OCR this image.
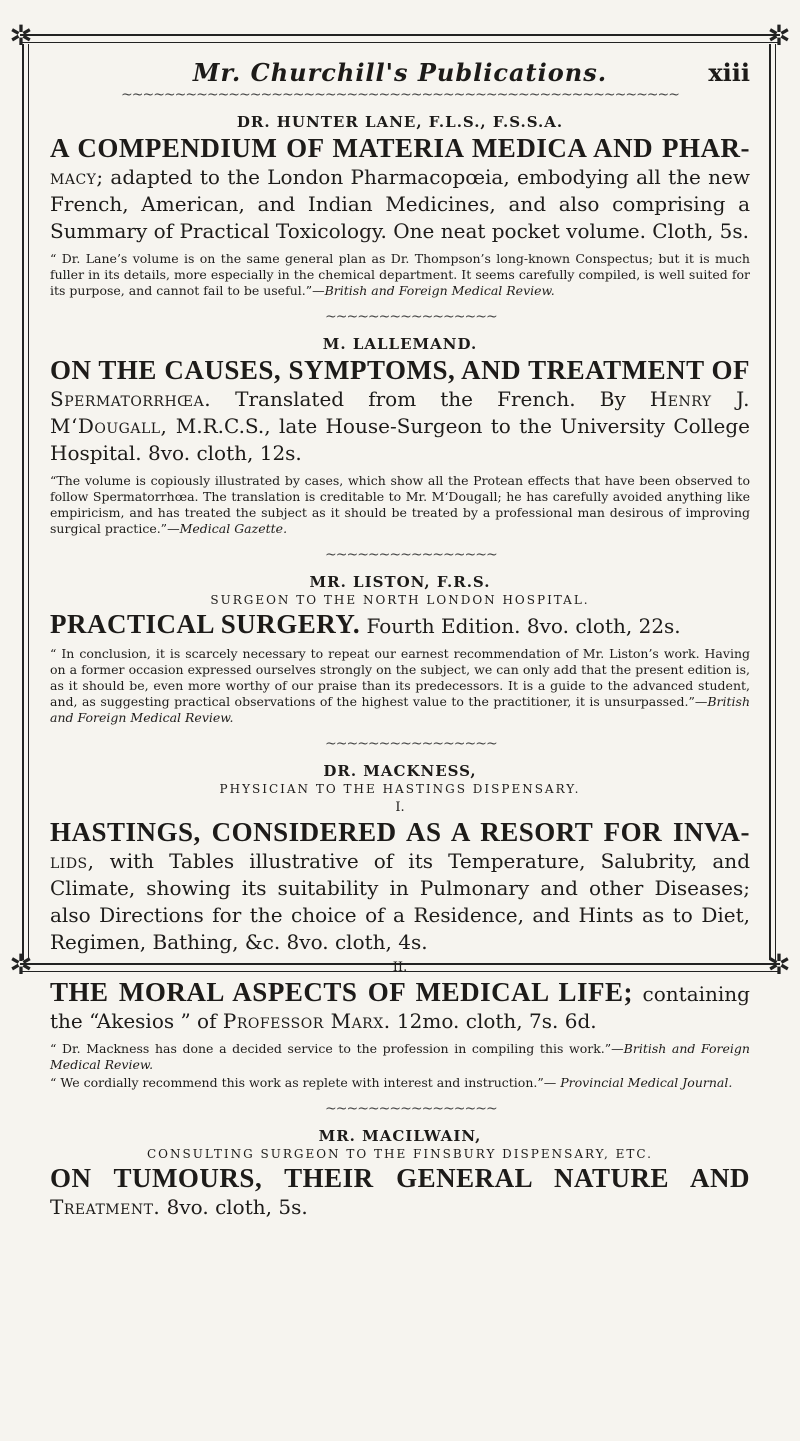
✲	✲
✲	✲
Mr. Churchill's Publications.	xiii
~~~~~~~~~~~~~~~~~~~~~~~~~~~~~~~~~~~~~~~~~~~~~~~~~~~~
DR. HUNTER LANE, F.L.S., F.S.S.A.
A COMPENDIUM OF MATERIA MEDICA AND PHAR- macy; adapted to the London Pharmacopœia, embodying all the new French, American, and Indian Medicines, and also comprising a Summary of Practical Toxicology. One neat pocket volume. Cloth, 5s.
“ Dr. Lane’s volume is on the same general plan as Dr. Thompson’s long-known Conspectus; but it is much fuller in its details, more especially in the chemical department. It seems carefully compiled, is well suited for its purpose, and cannot fail to be useful.”—British and Foreign Medical Review.
~~~~~~~~~~~~~~~~
M. LALLEMAND.
ON THE CAUSES, SYMPTOMS, AND TREATMENT OF Spermatorrhœa. Translated from the French. By Henry J. M‘Dougall, M.R.C.S., late House-Surgeon to the University College Hospital. 8vo. cloth, 12s.
“The volume is copiously illustrated by cases, which show all the Protean effects that have been observed to follow Spermatorrhœa. The translation is creditable to Mr. M‘Dougall; he has carefully avoided anything like empiricism, and has treated the subject as it should be treated by a professional man desirous of improving surgical practice.”—Medical Gazette.
~~~~~~~~~~~~~~~~
MR. LISTON, F.R.S.
SURGEON TO THE NORTH LONDON HOSPITAL.
PRACTICAL SURGERY. Fourth Edition. 8vo. cloth, 22s.
“ In conclusion, it is scarcely necessary to repeat our earnest recommendation of Mr. Liston’s work. Having on a former occasion expressed ourselves strongly on the subject, we can only add that the present edition is, as it should be, even more worthy of our praise than its predecessors. It is a guide to the advanced student, and, as suggesting practical observations of the highest value to the practitioner, it is unsurpassed.”—British and Foreign Medical Review.
~~~~~~~~~~~~~~~~
DR. MACKNESS,
PHYSICIAN TO THE HASTINGS DISPENSARY.
I.
HASTINGS, CONSIDERED AS A RESORT FOR INVA- lids, with Tables illustrative of its Temperature, Salubrity, and Climate, showing its suitability in Pulmonary and other Diseases; also Directions for the choice of a Residence, and Hints as to Diet, Regimen, Bathing, &c. 8vo. cloth, 4s.
II.
THE MORAL ASPECTS OF MEDICAL LIFE; containing the “Akesios ” of Professor Marx. 12mo. cloth, 7s. 6d.
“ Dr. Mackness has done a decided service to the profession in compiling this work.”—British and Foreign Medical Review.
“ We cordially recommend this work as replete with interest and instruction.”— Provincial Medical Journal.
~~~~~~~~~~~~~~~~
MR. MACILWAIN,
CONSULTING SURGEON TO THE FINSBURY DISPENSARY, ETC.
ON TUMOURS, THEIR GENERAL NATURE AND Treatment. 8vo. cloth, 5s.
